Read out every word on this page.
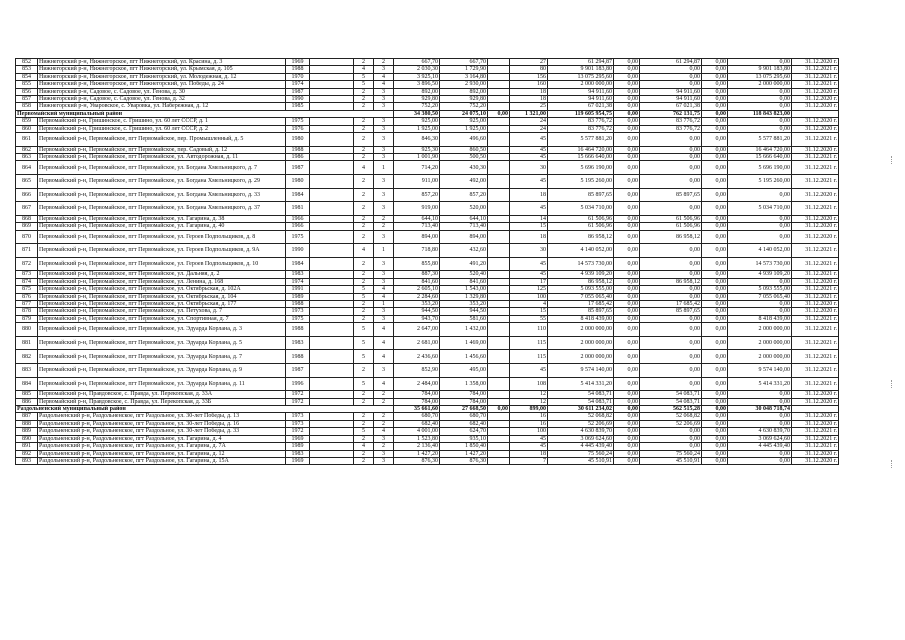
852	Нижнегорский р-н, Нижнегорское, пгт Нижнегорский, ул. Красина, д. 3	1969		2	2	667,70	667,70		27	61 294,87	0,00	61 294,87	0,00	0,00	31.12.2020 г.
853	Нижнегорский р-н, Нижнегорское, пгт Нижнегорский, ул. Крымская, д. 105	1988		4	3	2 030,30	1 729,90		80	9 901 183,80	0,00	0,00	0,00	9 901 183,80	31.12.2021 г.
854	Нижнегорский р-н, Нижнегорское, пгт Нижнегорский, ул. Молодежная, д. 12	1970		5	4	3 925,10	3 164,80		156	13 075 295,60	0,00	0,00	0,00	13 075 295,60	31.12.2021 г.
855	Нижнегорский р-н, Нижнегорское, пгт Нижнегорский, ул. Победы, д. 24	1974		5	4	3 896,50	2 930,00		160	2 000 000,00	0,00	0,00	0,00	2 000 000,00	31.12.2021 г.
856	Нижнегорский р-н, Садовое, с. Садовое, ул. Генова, д. 30	1987		2	3	892,00	892,00		18	94 911,60	0,00	94 911,60	0,00	0,00	31.12.2020 г.
857	Нижнегорский р-н, Садовое, с. Садовое, ул. Генова, д. 32	1990		2	3	929,80	929,80		18	94 911,60	0,00	94 911,60	0,00	0,00	31.12.2020 г.
858	Нижнегорский р-н, Уваровское, с. Уваровка, ул. Набережная, д. 12	1985		2	3	752,20	752,20		25	67 021,38	0,00	67 021,38	0,00	0,00	31.12.2020 г.
Первомайский муниципальный район						34 380,50	24 075,10	0,00	1 321,00	119 605 954,75	0,00	762 131,75	0,00	118 843 823,00	
859	Первомайский р-н, Гришинское, с. Гришино, ул. 60 лет СССР, д. 1	1975		2	3	925,00	925,00		24	83 776,72	0,00	83 776,72	0,00	0,00	31.12.2020 г.
860	Первомайский р-н, Гришинское, с. Гришино, ул. 60 лет СССР, д. 2	1976		2	3	1 925,00	1 925,00		24	83 776,72	0,00	83 776,72	0,00	0,00	31.12.2020 г.
861	Первомайский р-н, Первомайское, пгт Первомайское, пер. Промышленный, д. 5	1980		2	3	846,30	496,60		45	5 577 881,20	0,00	0,00	0,00	5 577 881,20	31.12.2021 г.
862	Первомайский р-н, Первомайское, пгт Первомайское, пер. Садовый, д. 12	1988		2	3	925,30	860,50		45	16 464 720,00	0,00	0,00	0,00	16 464 720,00	31.12.2020 г.
863	Первомайский р-н, Первомайское, пгт Первомайское, ул. Автодорожная, д. 11	1986		2	3	1 001,90	500,50		45	15 666 640,00	0,00	0,00	0,00	15 666 640,00	31.12.2021 г.
864	Первомайский р-н, Первомайское, пгт Первомайское, ул. Богдана Хмельницкого, д. 7	1987		4	1	714,20	430,30		30	5 696 190,00	0,00	0,00	0,00	5 696 190,00	31.12.2021 г.
865	Первомайский р-н, Первомайское, пгт Первомайское, ул. Богдана Хмельницкого, д. 29	1980		2	3	911,00	492,00		45	5 195 260,00	0,00	0,00	0,00	5 195 260,00	31.12.2021 г.
866	Первомайский р-н, Первомайское, пгт Первомайское, ул. Богдана Хмельницкого, д. 33	1984		2	3	857,20	857,20		18	85 897,65	0,00	85 897,65	0,00	0,00	31.12.2020 г.
867	Первомайский р-н, Первомайское, пгт Первомайское, ул. Богдана Хмельницкого, д. 37	1981		2	3	919,00	520,00		45	5 034 710,00	0,00	0,00	0,00	5 034 710,00	31.12.2021 г.
868	Первомайский р-н, Первомайское, пгт Первомайское, ул. Гагарина, д. 38	1966		2	2	644,10	644,10		14	61 506,96	0,00	61 506,96	0,00	0,00	31.12.2020 г.
869	Первомайский р-н, Первомайское, пгт Первомайское, ул. Гагарина, д. 40	1966		2	2	713,40	713,40		15	61 506,96	0,00	61 506,96	0,00	0,00	31.12.2020 г.
870	Первомайский р-н, Первомайское, пгт Первомайское, ул. Героев Подпольщиков, д. 8	1975		2	3	894,00	894,00		18	86 958,12	0,00	86 958,12	0,00	0,00	31.12.2020 г.
871	Первомайский р-н, Первомайское, пгт Первомайское, ул. Героев Подпольщиков, д. 9А	1990		4	1	718,80	432,60		30	4 140 052,00	0,00	0,00	0,00	4 140 052,00	31.12.2021 г.
872	Первомайский р-н, Первомайское, пгт Первомайское, ул. Героев Подпольщиков, д. 10	1984		2	3	855,80	491,20		45	14 573 730,00	0,00	0,00	0,00	14 573 730,00	31.12.2021 г.
873	Первомайский р-н, Первомайское, пгт Первомайское, ул. Дальняя, д. 2	1983		2	3	887,30	520,40		45	4 939 109,20	0,00	0,00	0,00	4 939 109,20	31.12.2021 г.
874	Первомайский р-н, Первомайское, пгт Первомайское, ул. Ленина, д. 168	1974		2	3	841,60	841,60		17	86 958,12	0,00	86 958,12	0,00	0,00	31.12.2020 г.
875	Первомайский р-н, Первомайское, пгт Первомайское, ул. Октябрьская, д. 102А	1991		5	4	2 605,10	1 543,00		125	5 093 555,00	0,00	0,00	0,00	5 093 555,00	31.12.2021 г.
876	Первомайский р-н, Первомайское, пгт Первомайское, ул. Октябрьская, д. 104	1989		5	4	2 284,60	1 329,80		100	7 055 065,40	0,00	0,00	0,00	7 055 065,40	31.12.2021 г.
877	Первомайский р-н, Первомайское, пгт Первомайское, ул. Октябрьская, д. 177	1988		2	1	353,20	353,20		4	17 685,42	0,00	17 685,42	0,00	0,00	31.12.2020 г.
878	Первомайский р-н, Первомайское, пгт Первомайское, ул. Петухова, д. 7	1973		2	3	944,50	944,50		15	85 897,65	0,00	85 897,65	0,00	0,00	31.12.2020 г.
879	Первомайский р-н, Первомайское, пгт Первомайское, ул. Спортивная, д. 7	1975		2	3	943,70	581,60		55	8 418 439,00	0,00	0,00	0,00	8 418 439,00	31.12.2021 г.
880	Первомайский р-н, Первомайское, пгт Первомайское, ул. Эдуарда Корлана, д. 3	1988		5	4	2 647,00	1 432,00		110	2 000 000,00	0,00	0,00	0,00	2 000 000,00	31.12.2021 г.
881	Первомайский р-н, Первомайское, пгт Первомайское, ул. Эдуарда Корлана, д. 5	1983		5	4	2 681,00	1 469,00		115	2 000 000,00	0,00	0,00	0,00	2 000 000,00	31.12.2021 г.
882	Первомайский р-н, Первомайское, пгт Первомайское, ул. Эдуарда Корлана, д. 7	1988		5	4	2 436,60	1 456,60		115	2 000 000,00	0,00	0,00	0,00	2 000 000,00	31.12.2021 г.
883	Первомайский р-н, Первомайское, пгт Первомайское, ул. Эдуарда Корлана, д. 9	1987		2	3	852,90	495,00		45	9 574 140,00	0,00	0,00	0,00	9 574 140,00	31.12.2021 г.
884	Первомайский р-н, Первомайское, пгт Первомайское, ул. Эдуарда Корлана, д. 11	1996		5	4	2 484,00	1 358,00		108	5 414 331,20	0,00	0,00	0,00	5 414 331,20	31.12.2021 г.
885	Первомайский р-н, Правдовское, с. Правда, ул. Перекопская, д. 33А	1972		2	2	784,00	784,00		12	54 083,71	0,00	54 083,71	0,00	0,00	31.12.2020 г.
886	Первомайский р-н, Правдовское, с. Правда, ул. Перекопская, д. 33Б	1972		2	2	784,00	784,00		12	54 083,71	0,00	54 083,71	0,00	0,00	31.12.2020 г.
Раздольненский муниципальный район						35 661,60	27 668,50	0,00	899,00	30 611 234,02	0,00	562 515,28	0,00	30 048 718,74	
887	Раздольненский р-н, Раздольненское, пгт Раздольное, ул. 30-лет Победы, д. 13	1973		2	2	680,70	680,70		16	52 068,82	0,00	52 068,82	0,00	0,00	31.12.2020 г.
888	Раздольненский р-н, Раздольненское, пгт Раздольное, ул. 30-лет Победы, д. 16	1973		2	2	682,40	682,40		16	52 206,69	0,00	52 206,69	0,00	0,00	31.12.2020 г.
889	Раздольненский р-н, Раздольненское, пгт Раздольное, ул. 30-лет Победы, д. 33	1972		5	4	4 001,00	624,70		100	4 630 839,70	0,00	0,00	0,00	4 630 839,70	31.12.2021 г.
890	Раздольненский р-н, Раздольненское, пгт Раздольное, ул. Гагарина, д. 4	1969		2	3	1 523,80	935,10		45	3 069 624,60	0,00	0,00	0,00	3 069 624,60	31.12.2021 г.
891	Раздольненский р-н, Раздольненское, пгт Раздольное, ул. Гагарина, д. 7А	1989		4	2	2 136,40	1 850,40		45	4 445 439,40	0,00	0,00	0,00	4 445 439,40	31.12.2021 г.
892	Раздольненский р-н, Раздольненское, пгт Раздольное, ул. Гагарина, д. 12	1983		2	3	1 427,20	1 427,20		18	75 560,24	0,00	75 560,24	0,00	0,00	31.12.2020 г.
893	Раздольненский р-н, Раздольненское, пгт Раздольное, ул. Гагарина, д. 15А	1969		2	3	876,30	876,30		7	45 510,91	0,00	45 510,91	0,00	0,00	31.12.2020 г.
